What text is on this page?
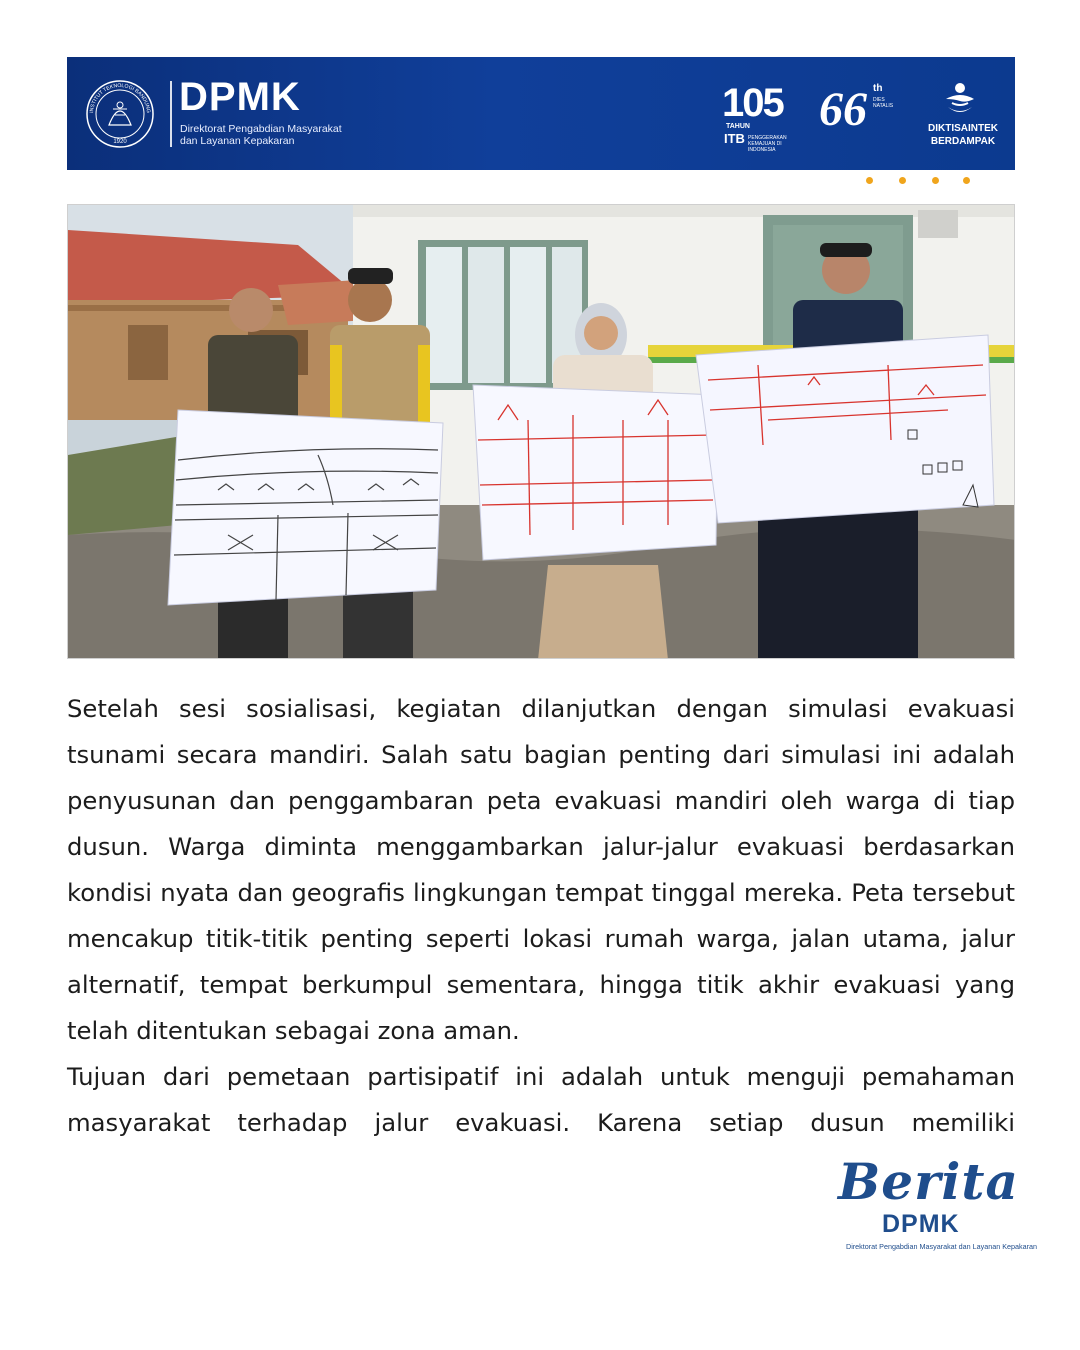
1920
INSTITUT TEKNOLOGI BANDUNG DPMK
Direktorat Pengabdian Masyarakat
dan Layanan Kepakaran
105
TAHUN
ITB PENGGERAKAN KEMAJUAN DI INDONESIA
66 th
DIES NATALIS
DIKTISAINTEK
BERDAMPAK

Setelah sesi sosialisasi, kegiatan dilanjutkan dengan simulasi evakuasi tsunami secara mandiri. Salah satu bagian penting dari simulasi ini adalah penyusunan dan penggambaran peta evakuasi mandiri oleh warga di tiap dusun. Warga diminta menggambarkan jalur-jalur evakuasi berdasarkan kondisi nyata dan geografis lingkungan tempat tinggal mereka. Peta tersebut mencakup titik-titik penting seperti lokasi rumah warga, jalan utama, jalur alternatif, tempat berkumpul sementara, hingga titik akhir evakuasi yang telah ditentukan sebagai zona aman.

Tujuan dari pemetaan partisipatif ini adalah untuk menguji pemahaman masyarakat terhadap jalur evakuasi. Karena setiap dusun memiliki

Berita
DPMK
Direktorat Pengabdian Masyarakat dan Layanan Kepakaran
